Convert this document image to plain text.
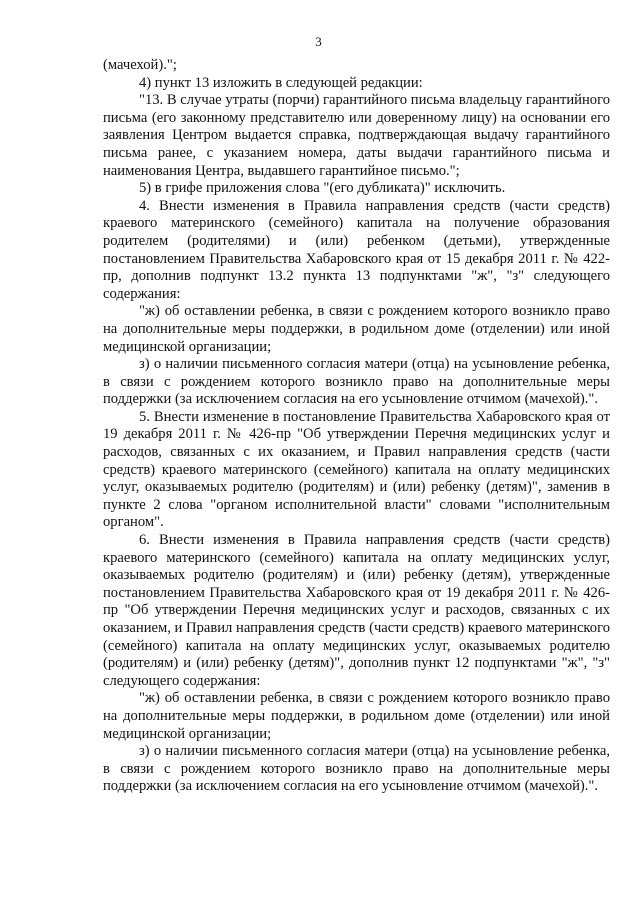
3

(мачехой).";

4) пункт 13 изложить в следующей редакции:

"13. В случае утраты (порчи) гарантийного письма владельцу гарантийного письма (его законному представителю или доверенному лицу) на основании его заявления Центром выдается справка, подтверждающая выдачу гарантийного письма ранее, с указанием номера, даты выдачи гарантийного письма и наименования Центра, выдавшего гарантийное письмо.";

5) в грифе приложения слова "(его дубликата)" исключить.

4. Внести изменения в Правила направления средств (части средств) краевого материнского (семейного) капитала на получение образования родителем (родителями) и (или) ребенком (детьми), утвержденные постановлением Правительства Хабаровского края от 15 декабря 2011 г. № 422-пр, дополнив подпункт 13.2 пункта 13 подпунктами "ж", "з" следующего содержания:

"ж) об оставлении ребенка, в связи с рождением которого возникло право на дополнительные меры поддержки, в родильном доме (отделении) или иной медицинской организации;

з) о наличии письменного согласия матери (отца) на усыновление ребенка, в связи с рождением которого возникло право на дополнительные меры поддержки (за исключением согласия на его усыновление отчимом (мачехой).".

5. Внести изменение в постановление Правительства Хабаровского края от 19 декабря 2011 г. № 426-пр "Об утверждении Перечня медицинских услуг и расходов, связанных с их оказанием, и Правил направления средств (части средств) краевого материнского (семейного) капитала на оплату медицинских услуг, оказываемых родителю (родителям) и (или) ребенку (детям)", заменив в пункте 2 слова "органом исполнительной власти" словами "исполнительным органом".

6. Внести изменения в Правила направления средств (части средств) краевого материнского (семейного) капитала на оплату медицинских услуг, оказываемых родителю (родителям) и (или) ребенку (детям), утвержденные постановлением Правительства Хабаровского края от 19 декабря 2011 г. № 426-пр "Об утверждении Перечня медицинских услуг и расходов, связанных с их оказанием, и Правил направления средств (части средств) краевого материнского (семейного) капитала на оплату медицинских услуг, оказываемых родителю (родителям) и (или) ребенку (детям)", дополнив пункт 12 подпунктами "ж", "з" следующего содержания:

"ж) об оставлении ребенка, в связи с рождением которого возникло право на дополнительные меры поддержки, в родильном доме (отделении) или иной медицинской организации;

з) о наличии письменного согласия матери (отца) на усыновление ребенка, в связи с рождением которого возникло право на дополнительные меры поддержки (за исключением согласия на его усыновление отчимом (мачехой).".
